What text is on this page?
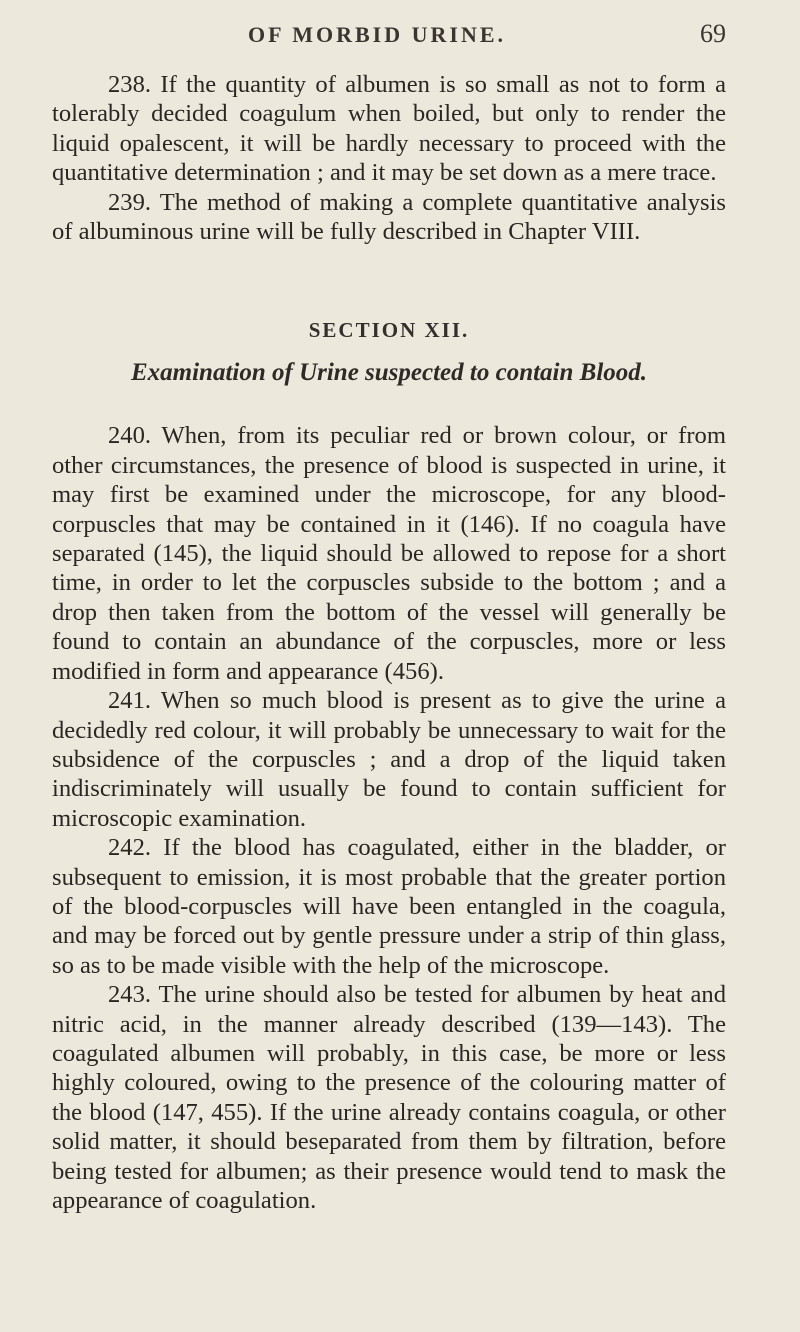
OF MORBID URINE.	69

238. If the quantity of albumen is so small as not to form a tolerably decided coagulum when boiled, but only to render the liquid opalescent, it will be hardly necessary to proceed with the quantitative determination ; and it may be set down as a mere trace.

239. The method of making a complete quantitative analysis of albuminous urine will be fully described in Chapter VIII.

SECTION XII.
Examination of Urine suspected to contain Blood.

240. When, from its peculiar red or brown colour, or from other circumstances, the presence of blood is suspected in urine, it may first be examined under the microscope, for any blood-corpuscles that may be contained in it (146). If no coagula have separated (145), the liquid should be allowed to repose for a short time, in order to let the corpuscles subside to the bottom ; and a drop then taken from the bottom of the vessel will generally be found to contain an abundance of the corpuscles, more or less modified in form and appearance (456).

241. When so much blood is present as to give the urine a decidedly red colour, it will probably be unnecessary to wait for the subsidence of the corpuscles ; and a drop of the liquid taken indiscriminately will usually be found to contain sufficient for microscopic examination.

242. If the blood has coagulated, either in the bladder, or subsequent to emission, it is most probable that the greater portion of the blood-corpuscles will have been entangled in the coagula, and may be forced out by gentle pressure under a strip of thin glass, so as to be made visible with the help of the microscope.

243. The urine should also be tested for albumen by heat and nitric acid, in the manner already described (139—143). The coagulated albumen will probably, in this case, be more or less highly coloured, owing to the presence of the colouring matter of the blood (147, 455). If the urine already contains coagula, or other solid matter, it should beseparated from them by filtration, before being tested for albumen; as their presence would tend to mask the appearance of coagulation.
